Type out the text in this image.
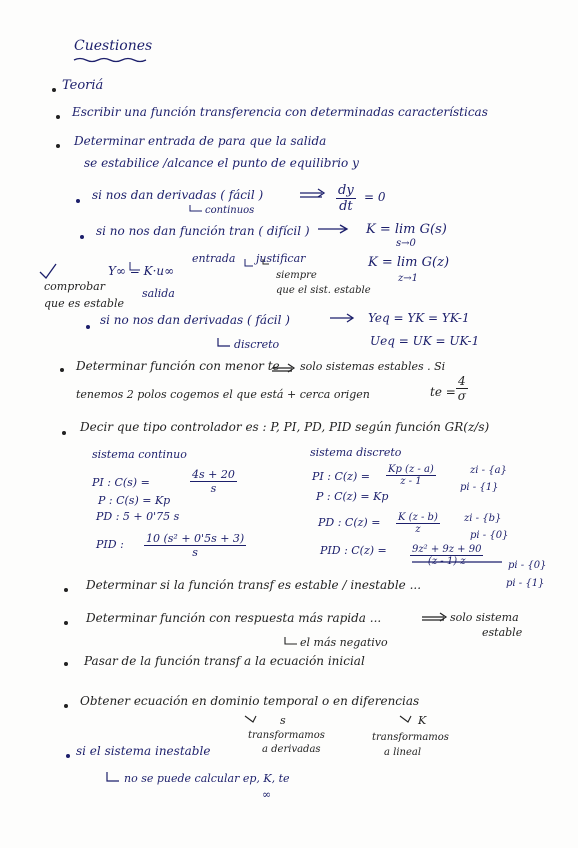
Cuestiones
Teoriá
Escribir una función transferencia con determinadas características
Determinar entrada de para que la salida
se estabilice /alcance el punto de equilibrio y
si nos dan derivadas ( fácil )
continuos	$\frac{dy}{dt} = 0$
si no nos dan función tran ( difícil )	K = lim G(s)
s→0
Y∞ = K·u∞
entrada
salida
comprobar
que es estable
justificar
siempre
que el sist. estable
K = lim G(z)
z→1
si no nos dan derivadas ( fácil )
discreto
Yeq = YK = YK-1
Ueq = UK = UK-1
Determinar función con menor te solo sistemas estables . Si
tenemos 2 polos cogemos el que está + cerca origen	te = $\frac{4}{\sigma}$
Decir que tipo controlador es : P, PI, PD, PID según función GR(z/s)
sistema continuo
PI : C(s) =	$\frac{4s + 20}{s}$
P : C(s) = Kp
PD : 5 + 0'75 s
PID : $\frac{\text{10 (s² + 0'5s + 3)}}{s}$
sistema discreto
PI : $C(z) = \frac{Kp (z - a)}{z - 1}$	zi - {a}
pi - {1}
P : C(z) = Kp
PD : $C(z) = \frac{K (z - b)}{z}$ zi - {b}
pi - {0}
PID : $C(z) = \frac{\text{9z² + 9z + 90}}{(z - 1) z}$ pi - {0}
pi - {1}
Determinar si la función transf es estable / inestable ...
Determinar función con respuesta más rapida ...	solo sistema
estable
el más negativo
Pasar de la función transf a la ecuación inicial
Obtener ecuación en dominio temporal o en diferencias
s
transformamos
a derivadas
K
transformamos
a lineal
si el sistema inestable
no se puede calcular ep, K, te
∞
